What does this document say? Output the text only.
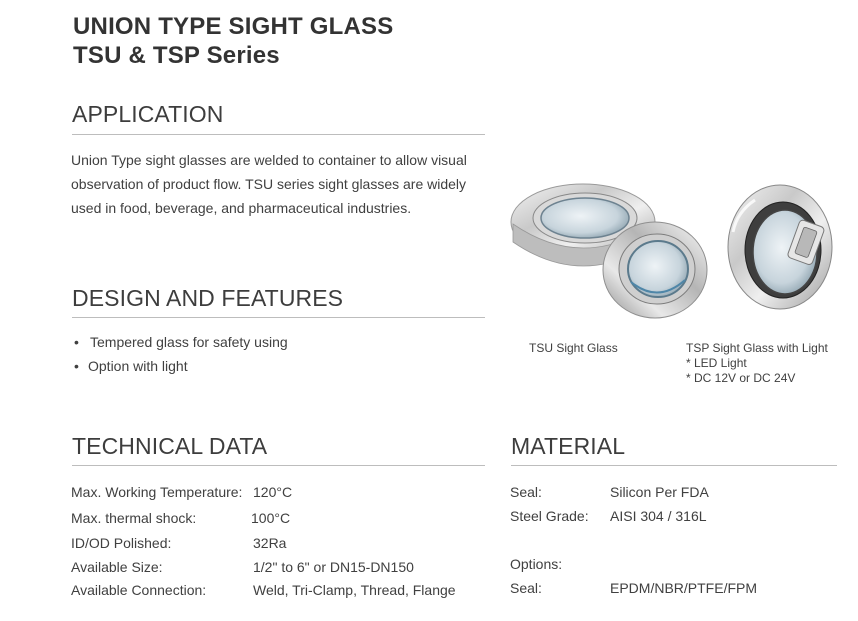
UNION TYPE SIGHT GLASS
TSU & TSP Series
APPLICATION
Union Type sight glasses are welded to container to allow visual
observation of product flow. TSU series sight glasses are widely
used in food, beverage, and pharmaceutical industries.
DESIGN AND FEATURES
• Tempered glass for safety using
• Option with light
TSU Sight Glass	TSP Sight Glass with Light
* LED Light
* DC 12V or DC 24V
TECHNICAL DATA
Max. Working Temperature: 120°C
Max. thermal shock:	100°C
ID/OD Polished:	32Ra
Available Size:	1/2" to 6" or DN15-DN150
Available Connection:	Weld, Tri-Clamp, Thread, Flange
MATERIAL
Seal:	Silicon Per FDA
Steel Grade: AISI 304 / 316L
Options:
Seal:	EPDM/NBR/PTFE/FPM
